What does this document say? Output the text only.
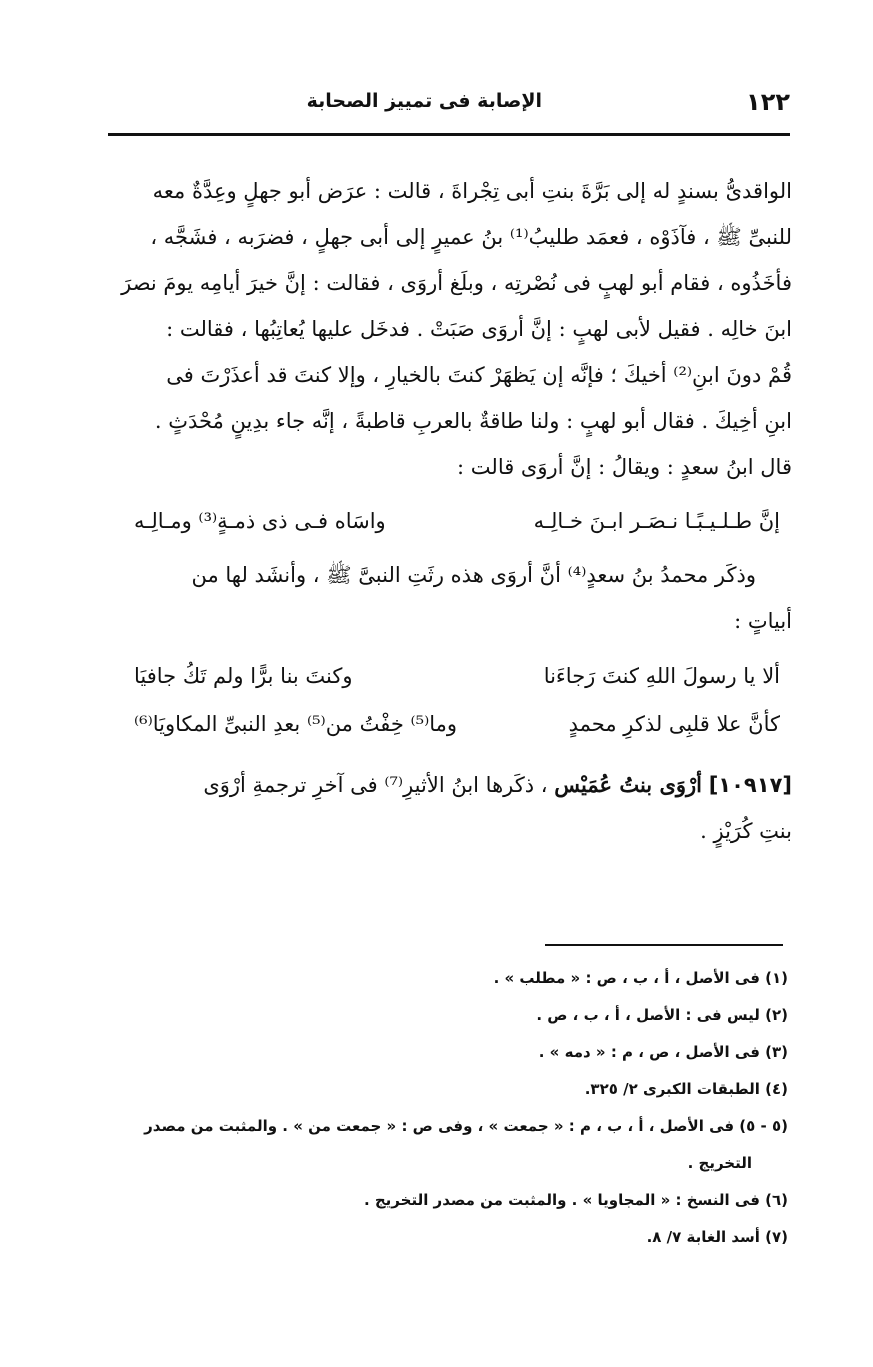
١٢٢
الإصابة فى تمييز الصحابة
الواقدىُّ بسندٍ له إلى بَرَّةَ بنتِ أبى تِجْراةَ ، قالت : عرَض أبو جهلٍ وعِدَّةٌ معه
للنبىِّ ﷺ ، فآذَوْه ، فعمَد طليبُ⁽¹⁾ بنُ عميرٍ إلى أبى جهلٍ ، فضرَبه ، فشَجَّه ،
فأخَذُوه ، فقام أبو لهبٍ فى نُصْرتِه ، وبلَغ أروَى ، فقالت : إنَّ خيرَ أيامِه يومَ نصرَ
ابنَ خالِه . فقيل لأبى لهبٍ : إنَّ أروَى صَبَتْ . فدخَل عليها يُعاتِبُها ، فقالت :
قُمْ دونَ ابنِ⁽²⁾ أخيكَ ؛ فإنَّه إن يَظهَرْ كنتَ بالخيارِ ، وإلا كنتَ قد أعذَرْتَ فى
ابنِ أخِيكَ . فقال أبو لهبٍ : ولنا طاقةٌ بالعربِ قاطبةً ، إنَّه جاء بدِينٍ مُحْدَثٍ .
قال ابنُ سعدٍ : ويقالُ : إنَّ أروَى قالت :
إنَّ طـلـيـبًـا نـصَـر ابـنَ خـالِـه
واسَاه فـى ذى ذمـةٍ⁽³⁾ ومـالِـه
وذكَر محمدُ بنُ سعدٍ⁽⁴⁾ أنَّ أروَى هذه رثَتِ النبىَّ ﷺ ، وأنشَد لها من
أبياتٍ :
ألا يا رسولَ اللهِ كنتَ رَجاءَنا
وكنتَ بنا برًّا ولم تَكُ جافيَا
كأنَّ علا قلبِى لذكرِ محمدٍ
وما⁽⁵⁾ خِفْتُ من⁽⁵⁾ بعدِ النبىِّ المكاويَا⁽⁶⁾
[١٠٩١٧] أرْوَى بنتُ عُمَيْس ، ذكَرها ابنُ الأثيرِ⁽⁷⁾ فى آخرِ ترجمةِ أرْوَى
بنتِ كُرَيْزٍ .
(١) فى الأصل ، أ ، ب ، ص : « مطلب » .
(٢) ليس فى : الأصل ، أ ، ب ، ص .
(٣) فى الأصل ، ص ، م : « دمه » .
(٤) الطبقات الكبرى ٢/ ٣٢٥.
(٥ - ٥) فى الأصل ، أ ، ب ، م : « جمعت » ، وفى ص : « جمعت من » . والمثبت من مصدر
التخريج .
(٦) فى النسخ : « المجاويا » . والمثبت من مصدر التخريج .
(٧) أسد الغابة ٧/ ٨.
